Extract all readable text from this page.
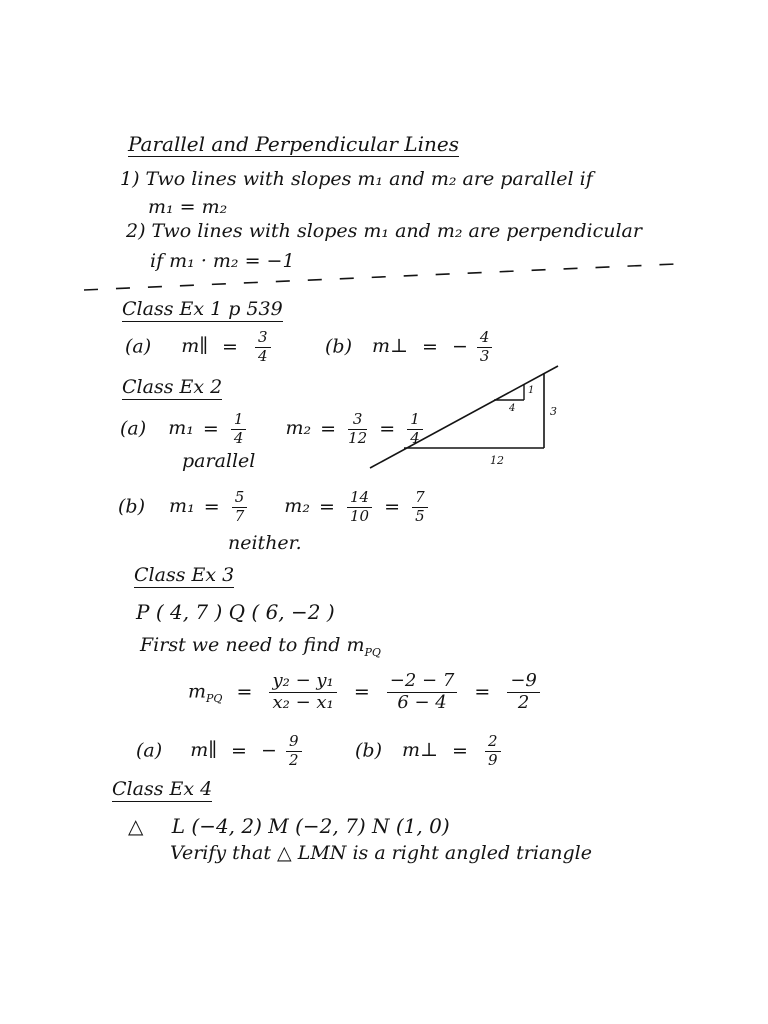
Parallel and Perpendicular Lines
1) Two lines with slopes m₁ and m₂ are parallel if
m₁ = m₂
2) Two lines with slopes m₁ and m₂ are perpendicular
if m₁ · m₂ = −1
Class Ex 1 p 539
(a) m∥ = $\frac{3}{4}$	(b) m⊥ = − $\frac{4}{3}$
Class Ex 2
(a) $m_1 = \frac{1}{4} m_2 = \frac{3}{12} = \frac{1}{4}$
parallel
(b) $m_1 = \frac{5}{7} m_2 = \frac{14}{10} = \frac{7}{5}$
neither.
1
4	3
12
Class Ex 3
P ( 4, 7 ) Q ( 6, −2 )
First we need to find $m_{PQ}$
$m_{PQ} = \frac{\text{y₂ − y₁}}{\text{x₂ − x₁}} = \frac{-2 - 7}{6 - 4} = \frac{-9}{2}$
(a) m∥ = − $\frac{9}{2}$	(b) m⊥ = $\frac{2}{9}$
Class Ex 4
△ L (−4, 2) M (−2, 7) N (1, 0)
Verify that △ LMN is a right angled triangle
